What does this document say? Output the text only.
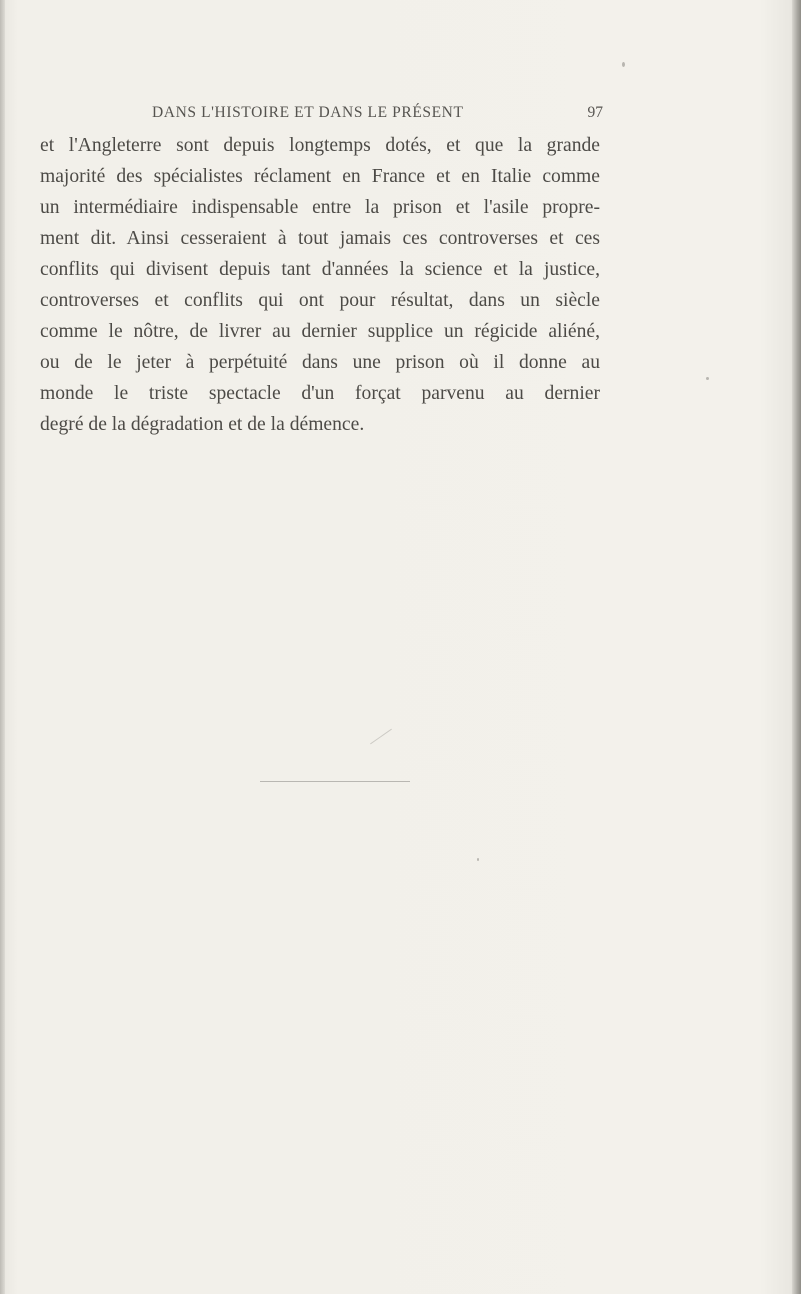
DANS L'HISTOIRE ET DANS LE PRÉSENT	97
et l'Angleterre sont depuis longtemps dotés, et que la grande
majorité des spécialistes réclament en France et en Italie comme
un intermédiaire indispensable entre la prison et l'asile propre-
ment dit. Ainsi cesseraient à tout jamais ces controverses et ces
conflits qui divisent depuis tant d'années la science et la justice,
controverses et conflits qui ont pour résultat, dans un siècle
comme le nôtre, de livrer au dernier supplice un régicide aliéné,
ou de le jeter à perpétuité dans une prison où il donne au
monde le triste spectacle d'un forçat parvenu au dernier
degré de la dégradation et de la démence.
